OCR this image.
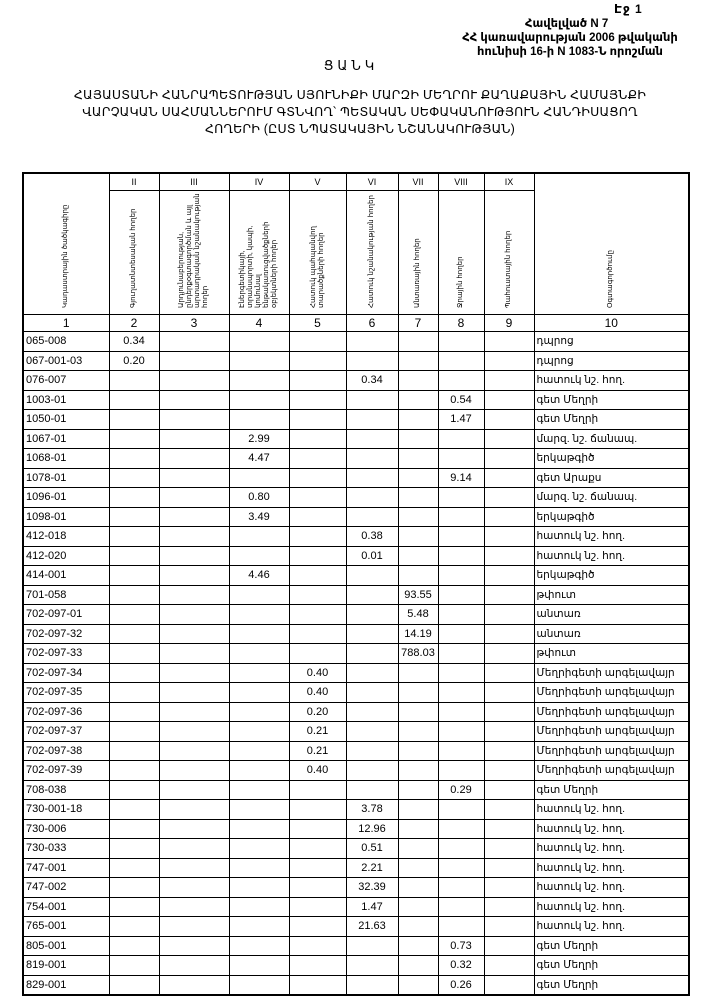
Էջ 1
Հավելված N 7
ՀՀ կառավարության 2006 թվականի
հունիսի 16-ի N 1083-Ն որոշման
ՑԱՆԿ
ՀԱՅԱՍՏԱՆԻ ՀԱՆՐԱՊԵՏՈՒԹՅԱՆ ՍՅՈՒՆԻՔԻ ՄԱՐԶԻ ՄԵՂՐՈՒ ՔԱՂԱՔԱՅԻՆ ՀԱՄԱՅՆՔԻ
ՎԱՐՉԱԿԱՆ ՍԱՀՄԱՆՆԵՐՈՒՄ ԳՏՆՎՈՂ՝ ՊԵՏԱԿԱՆ ՍԵՓԱԿԱՆՈՒԹՅՈՒՆ ՀԱՆԴԻՍԱՑՈՂ
ՀՈՂԵՐԻ (ԸՍՏ ՆՊԱՏԱԿԱՅԻՆ ՆՇԱՆԱԿՈՒԹՅԱՆ)
Կադաստրային ծածկագիրը	II	III	IV	V	VI	VII	VIII	IX	Օգտագործումը

	Գյուղատնտեսական հողեր	Արդյունաբերության, ընդերքօգտագործման և այլ արտադրական նշանակության հողեր	Էներգետիկայի, տրանսպորտի, կապի, կոմունալ ենթակառուցվածքների օբյեկտների հողեր	Հատուկ պահպանվող տարածքների հողեր	Հատուկ նշանակության հողեր	Անտառային հողեր	Ջրային հողեր	Պահուստային հողեր	

1	2	3	4	5	6	7	8	9	10
065-008	0.34								դպրոց
067-001-03	0.20								դպրոց
076-007					0.34				հատուկ նշ. հող.
1003-01							0.54		գետ Մեղրի
1050-01							1.47		գետ Մեղրի
1067-01			2.99						մարզ. նշ. ճանապ.
1068-01			4.47						երկաթգիծ
1078-01							9.14		գետ Արաքս
1096-01			0.80						մարզ. նշ. ճանապ.
1098-01			3.49						երկաթգիծ
412-018					0.38				հատուկ նշ. հող.
412-020					0.01				հատուկ նշ. հող.
414-001			4.46						երկաթգիծ
701-058						93.55			թփուտ
702-097-01						5.48			անտառ
702-097-32						14.19			անտառ
702-097-33						788.03			թփուտ
702-097-34				0.40					Մեղրիգետի արգելավայր
702-097-35				0.40					Մեղրիգետի արգելավայր
702-097-36				0.20					Մեղրիգետի արգելավայր
702-097-37				0.21					Մեղրիգետի արգելավայր
702-097-38				0.21					Մեղրիգետի արգելավայր
702-097-39				0.40					Մեղրիգետի արգելավայր
708-038							0.29		գետ Մեղրի
730-001-18					3.78				հատուկ նշ. հող.
730-006					12.96				հատուկ նշ. հող.
730-033					0.51				հատուկ նշ. հող.
747-001					2.21				հատուկ նշ. հող.
747-002					32.39				հատուկ նշ. հող.
754-001					1.47				հատուկ նշ. հող.
765-001					21.63				հատուկ նշ. հող.
805-001							0.73		գետ Մեղրի
819-001							0.32		գետ Մեղրի
829-001							0.26		գետ Մեղրի
